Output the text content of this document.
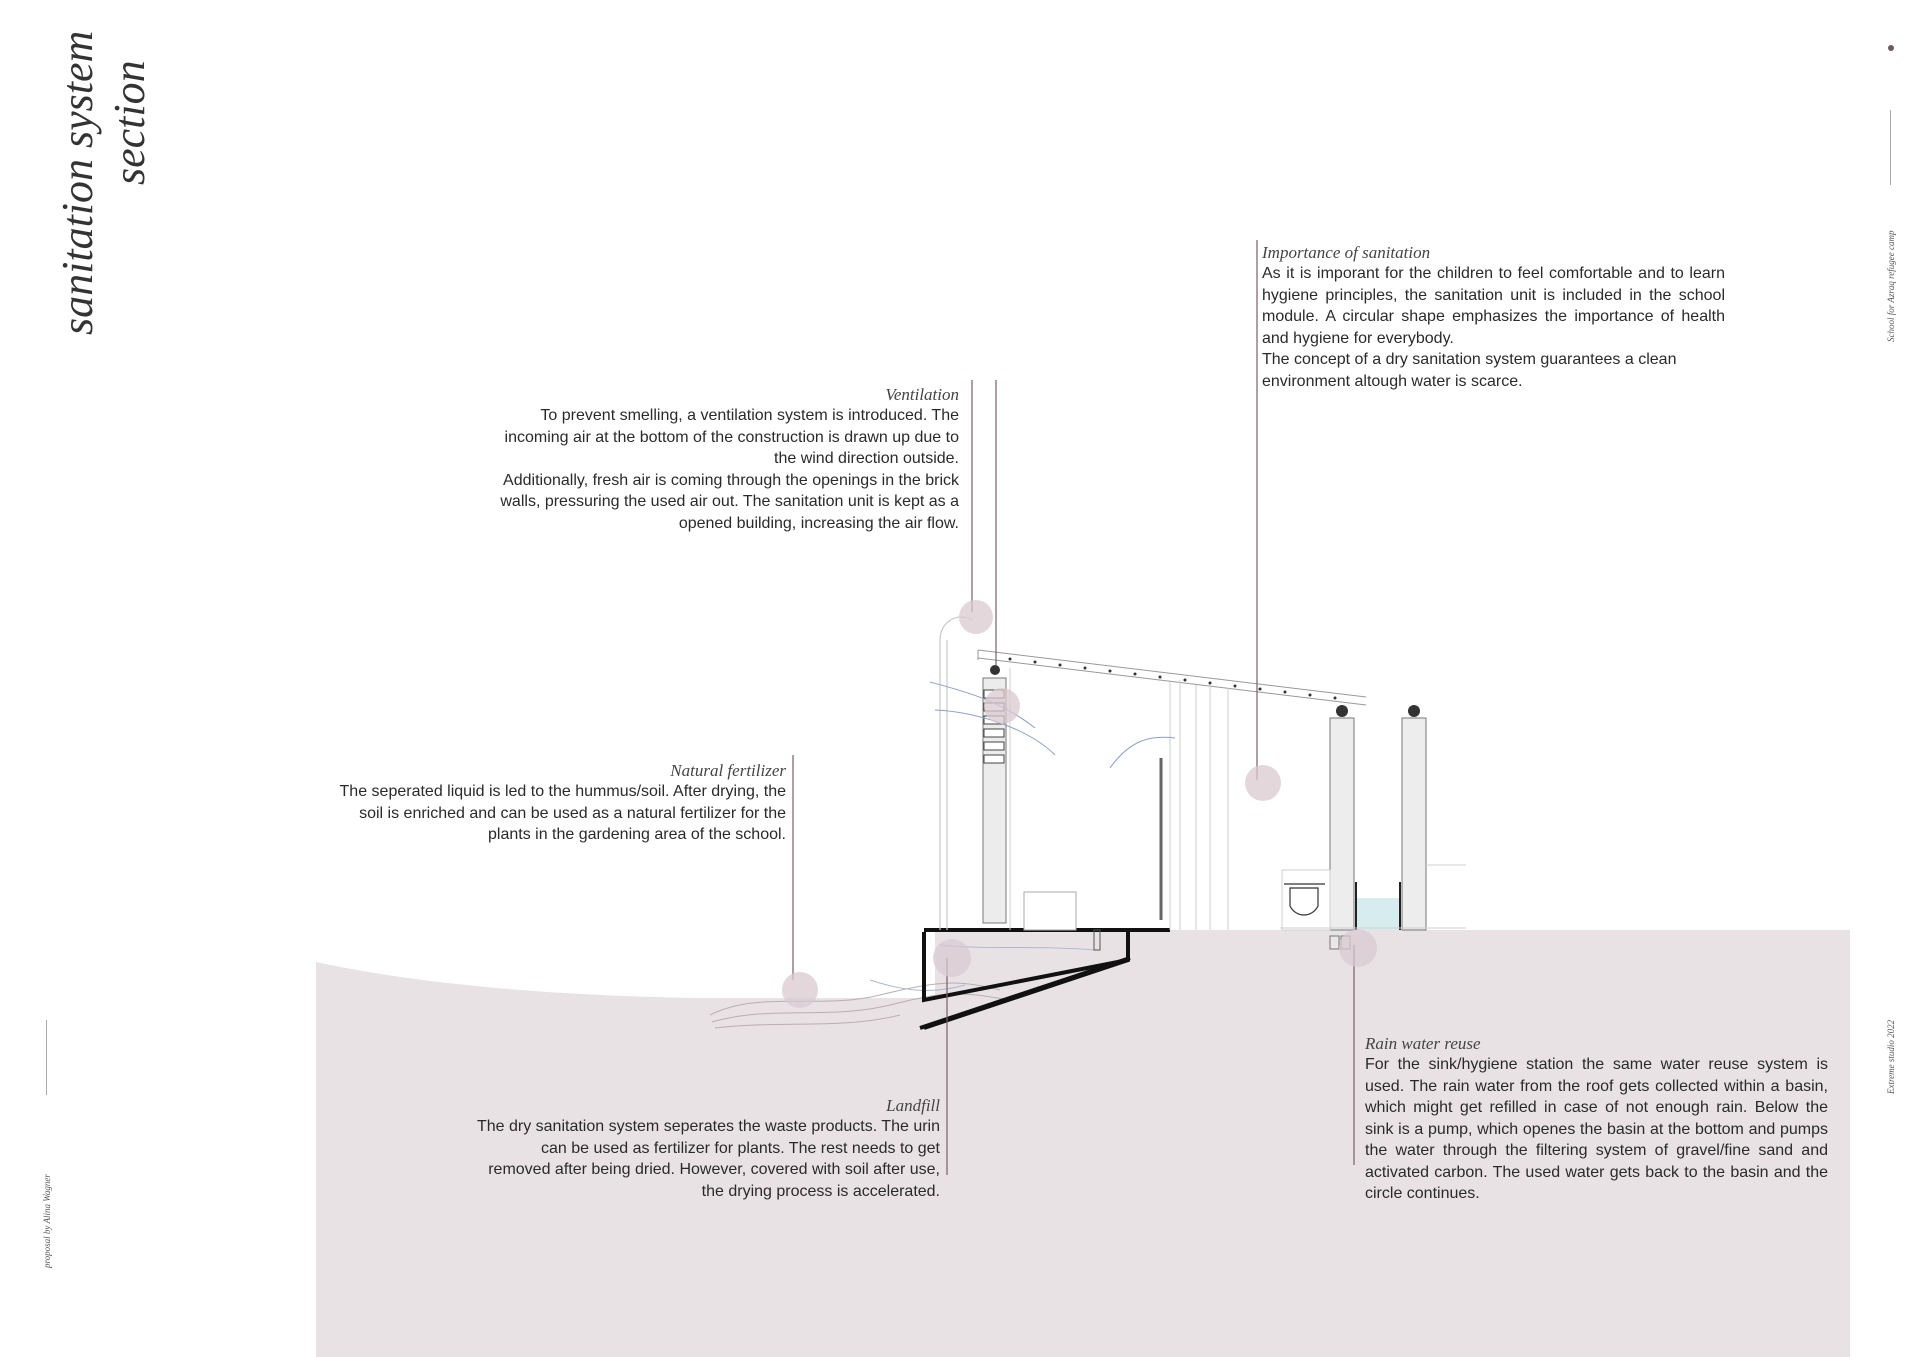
sanitation system section
School for Azraq refugee camp
Extreme studio 2022
proposal by Alina Wagner
Importance of sanitation

As it is imporant for the children to feel comfortable and to learn hygiene principles, the sanitation unit is included in the school module. A circular shape emphasizes the importance of health and hygiene for everybody.

The concept of a dry sanitation system guarantees a clean environment altough water is scarce.

Ventilation

To prevent smelling, a ventilation system is introduced. The incoming air at the bottom of the construction is drawn up due to the wind direction outside.

Additionally, fresh air is coming through the openings in the brick walls, pressuring the used air out. The sanitation unit is kept as a opened building, increasing the air flow.

Natural fertilizer

The seperated liquid is led to the hummus/soil. After drying, the soil is enriched and can be used as a natural fertilizer for the plants in the gardening area of the school.

Landfill

The dry sanitation system seperates the waste products. The urin can be used as fertilizer for plants. The rest needs to get removed after being dried. However, covered with soil after use, the drying process is accelerated.

Rain water reuse

For the sink/hygiene station the same water reuse system is used. The rain water from the roof gets collected within a basin, which might get refilled in case of not enough rain. Below the sink is a pump, which openes the basin at the bottom and pumps the water through the filtering system of gravel/fine sand and activated carbon. The used water gets back to the basin and the circle continues.
